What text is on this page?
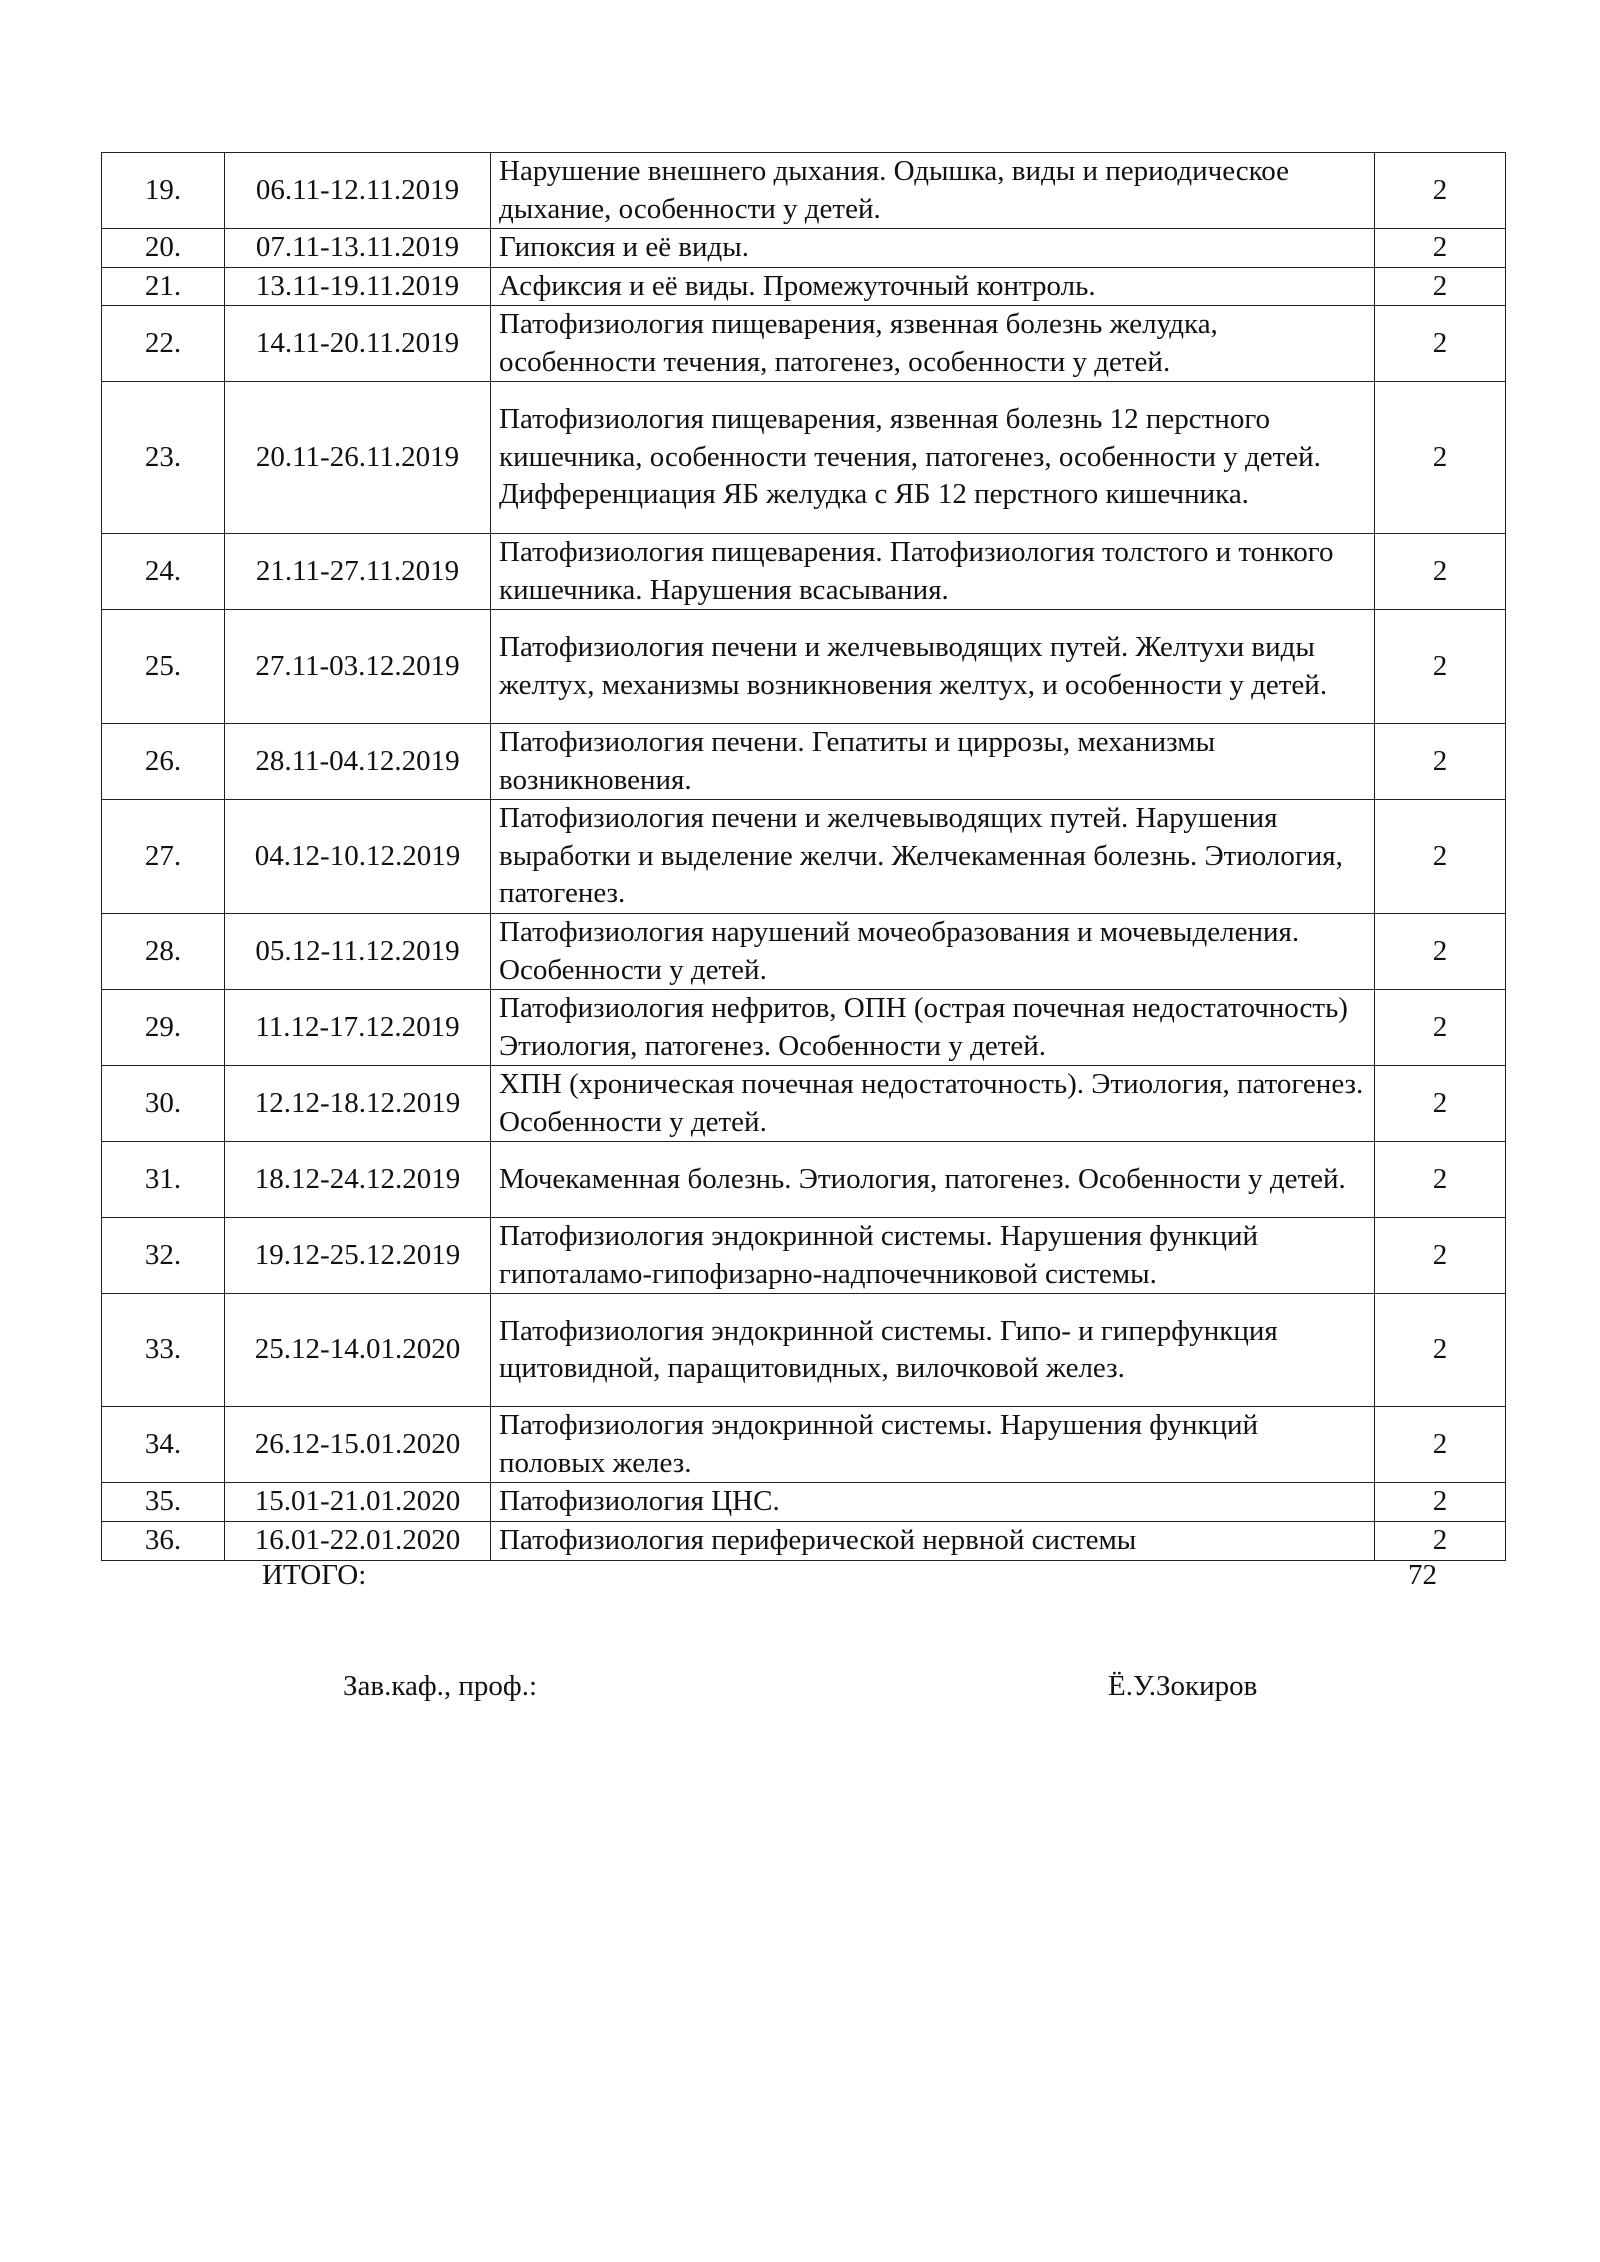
19.	06.11-12.11.2019	Нарушение внешнего дыхания. Одышка, виды и периодическое дыхание, особенности у детей.	2
20.	07.11-13.11.2019	Гипоксия и её виды.	2
21.	13.11-19.11.2019	Асфиксия и её виды. Промежуточный контроль.	2
22.	14.11-20.11.2019	Патофизиология пищеварения, язвенная болезнь желудка, особенности течения, патогенез, особенности у детей.	2
23.	20.11-26.11.2019	Патофизиология пищеварения, язвенная болезнь 12 перстного кишечника, особенности течения, патогенез, особенности у детей. Дифференциация ЯБ желудка с ЯБ 12 перстного кишечника.	2
24.	21.11-27.11.2019	Патофизиология пищеварения. Патофизиология толстого и тонкого кишечника. Нарушения всасывания.	2
25.	27.11-03.12.2019	Патофизиология печени и желчевыводящих путей. Желтухи виды желтух, механизмы возникновения желтух, и особенности у детей.	2
26.	28.11-04.12.2019	Патофизиология печени. Гепатиты и циррозы, механизмы возникновения.	2
27.	04.12-10.12.2019	Патофизиология печени и желчевыводящих путей. Нарушения выработки и выделение желчи. Желчекаменная болезнь. Этиология, патогенез.	2
28.	05.12-11.12.2019	Патофизиология нарушений мочеобразования и мочевыделения. Особенности у детей.	2
29.	11.12-17.12.2019	Патофизиология нефритов, ОПН (острая почечная недостаточность) Этиология, патогенез. Особенности у детей.	2
30.	12.12-18.12.2019	ХПН (хроническая почечная недостаточность). Этиология, патогенез. Особенности у детей.	2
31.	18.12-24.12.2019	Мочекаменная болезнь. Этиология, патогенез. Особенности у детей.	2
32.	19.12-25.12.2019	Патофизиология эндокринной системы. Нарушения функций гипоталамо-гипофизарно-надпочечниковой системы.	2
33.	25.12-14.01.2020	Патофизиология эндокринной системы. Гипо- и гиперфункция щитовидной, паращитовидных, вилочковой желез.	2
34.	26.12-15.01.2020	Патофизиология эндокринной системы. Нарушения функций половых желез.	2
35.	15.01-21.01.2020	Патофизиология ЦНС.	2
36.	16.01-22.01.2020	Патофизиология периферической нервной системы	2
ИТОГО:	72
Зав.каф., проф.:	Ё.У.Зокиров
